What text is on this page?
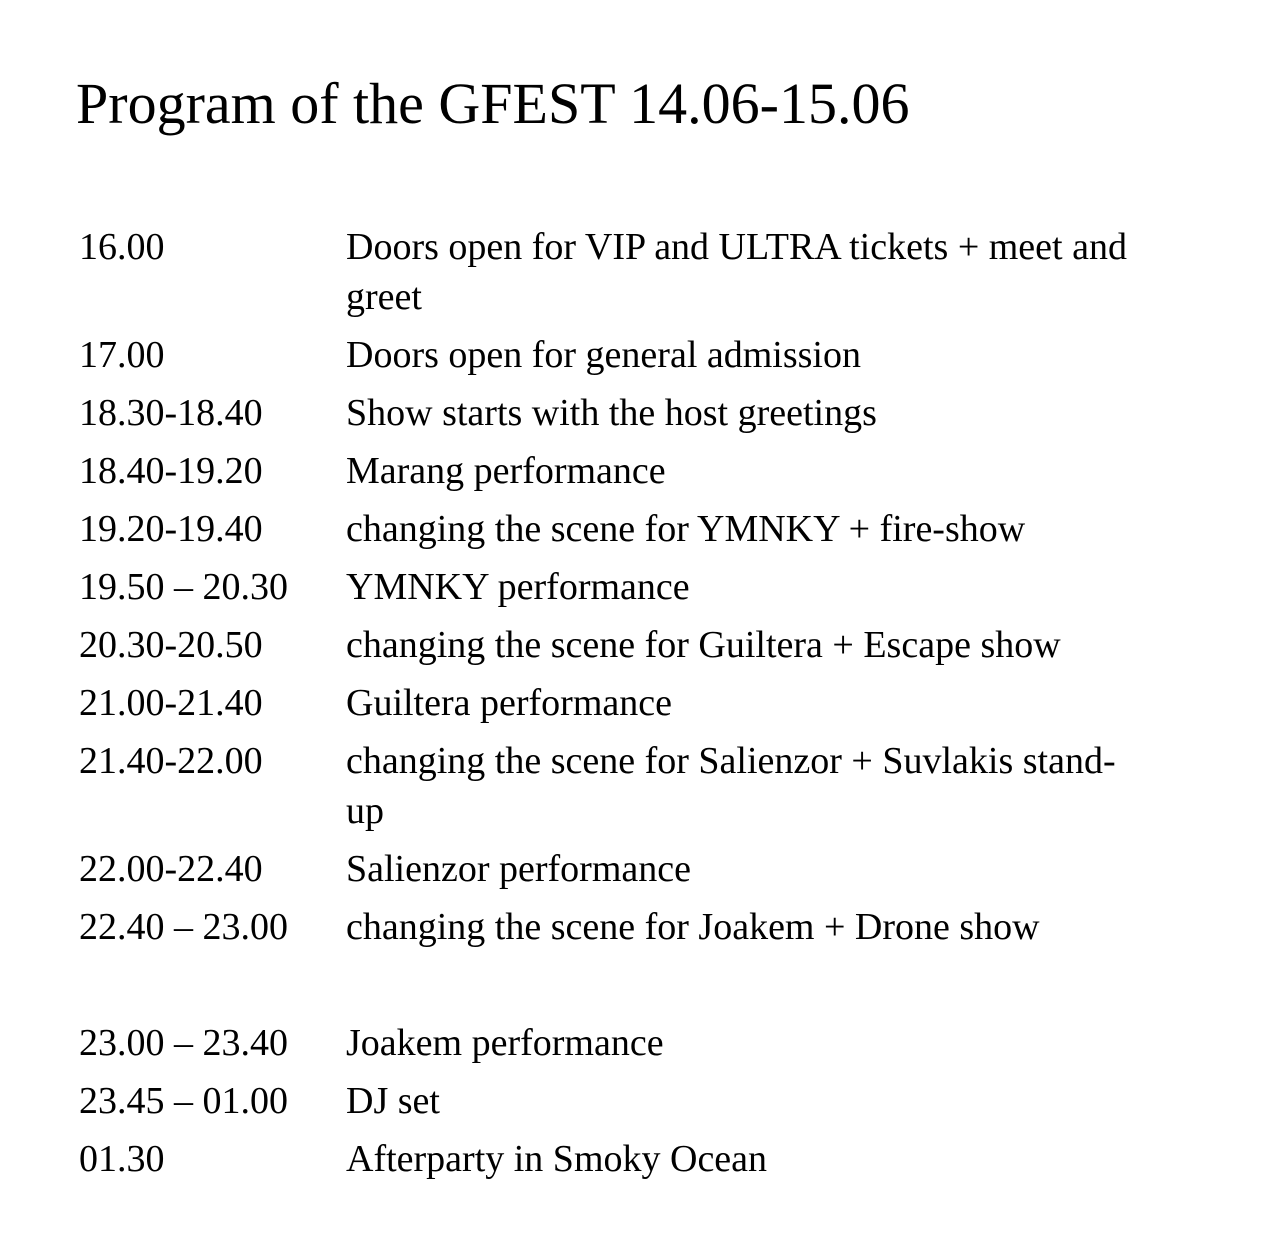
Program of the GFEST 14.06-15.06
16.00	Doors open for VIP and ULTRA tickets + meet and greet
17.00	Doors open for general admission
18.30-18.40	Show starts with the host greetings
18.40-19.20	Marang performance
19.20-19.40	changing the scene for YMNKY + fire-show
19.50 – 20.30	YMNKY performance
20.30-20.50	changing the scene for Guiltera + Escape show
21.00-21.40	Guiltera performance
21.40-22.00	changing the scene for Salienzor + Suvlakis stand-up
22.00-22.40	Salienzor performance
22.40 – 23.00	changing the scene for Joakem + Drone show
23.00 – 23.40	Joakem performance
23.45 – 01.00	DJ set
01.30	Afterparty in Smoky Ocean
